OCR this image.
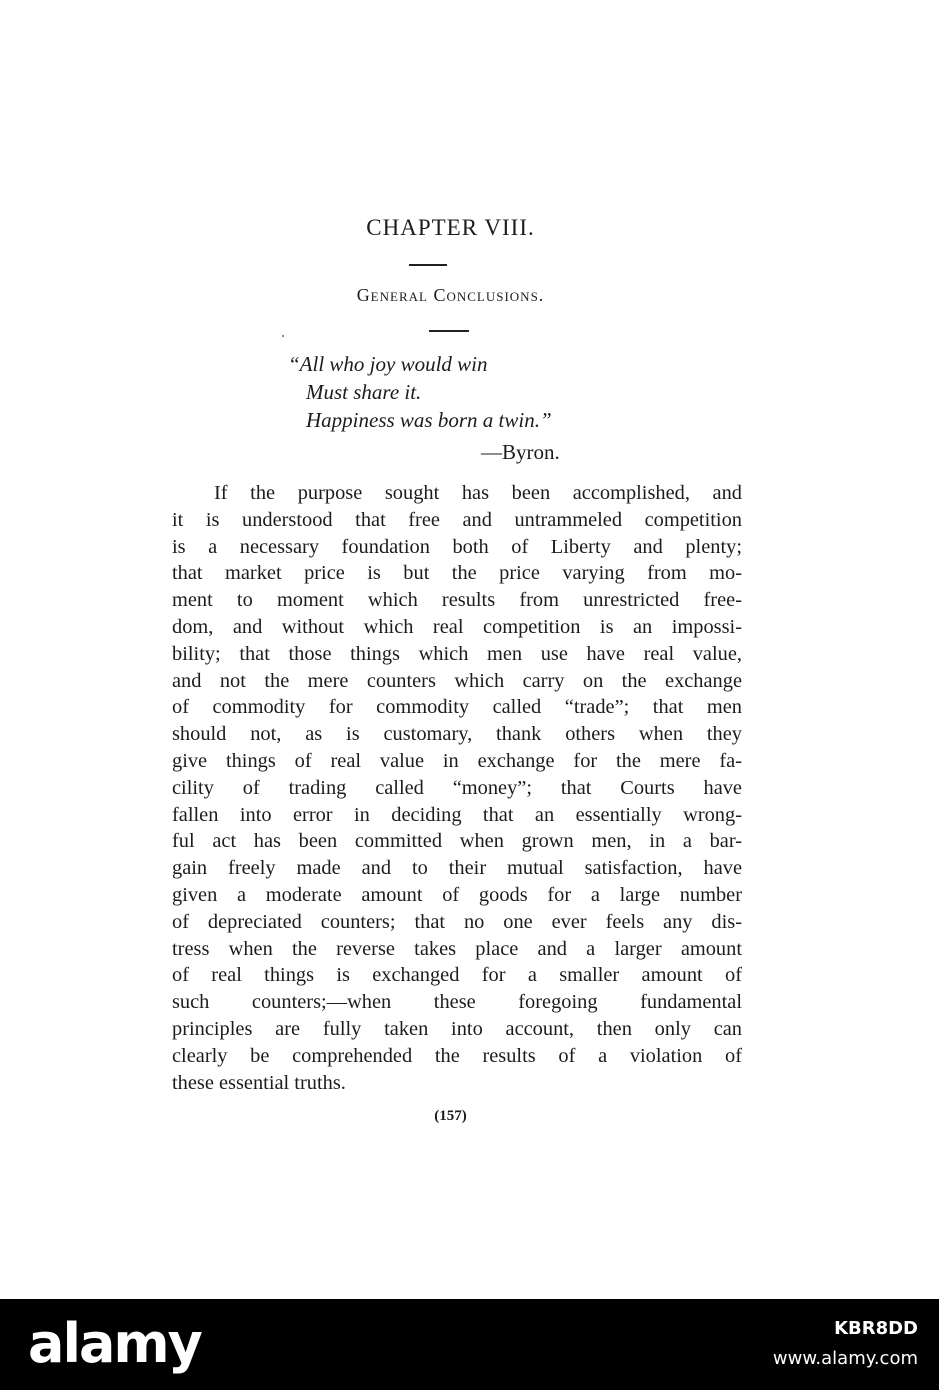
CHAPTER VIII.
General Conclusions.
“All who joy would win
Must share it.
Happiness was born a twin.”
—Byron.
If the purpose sought has been accomplished, and
it is understood that free and untrammeled competition
is a necessary foundation both of Liberty and plenty;
that market price is but the price varying from mo-
ment to moment which results from unrestricted free-
dom, and without which real competition is an impossi-
bility; that those things which men use have real value,
and not the mere counters which carry on the exchange
of commodity for commodity called “trade”; that men
should not, as is customary, thank others when they
give things of real value in exchange for the mere fa-
cility of trading called “money”; that Courts have
fallen into error in deciding that an essentially wrong-
ful act has been committed when grown men, in a bar-
gain freely made and to their mutual satisfaction, have
given a moderate amount of goods for a large number
of depreciated counters; that no one ever feels any dis-
tress when the reverse takes place and a larger amount
of real things is exchanged for a smaller amount of
such counters;—when these foregoing fundamental
principles are fully taken into account, then only can
clearly be comprehended the results of a violation of
these essential truths.
(157)
alamy	KBR8DD
www.alamy.com
